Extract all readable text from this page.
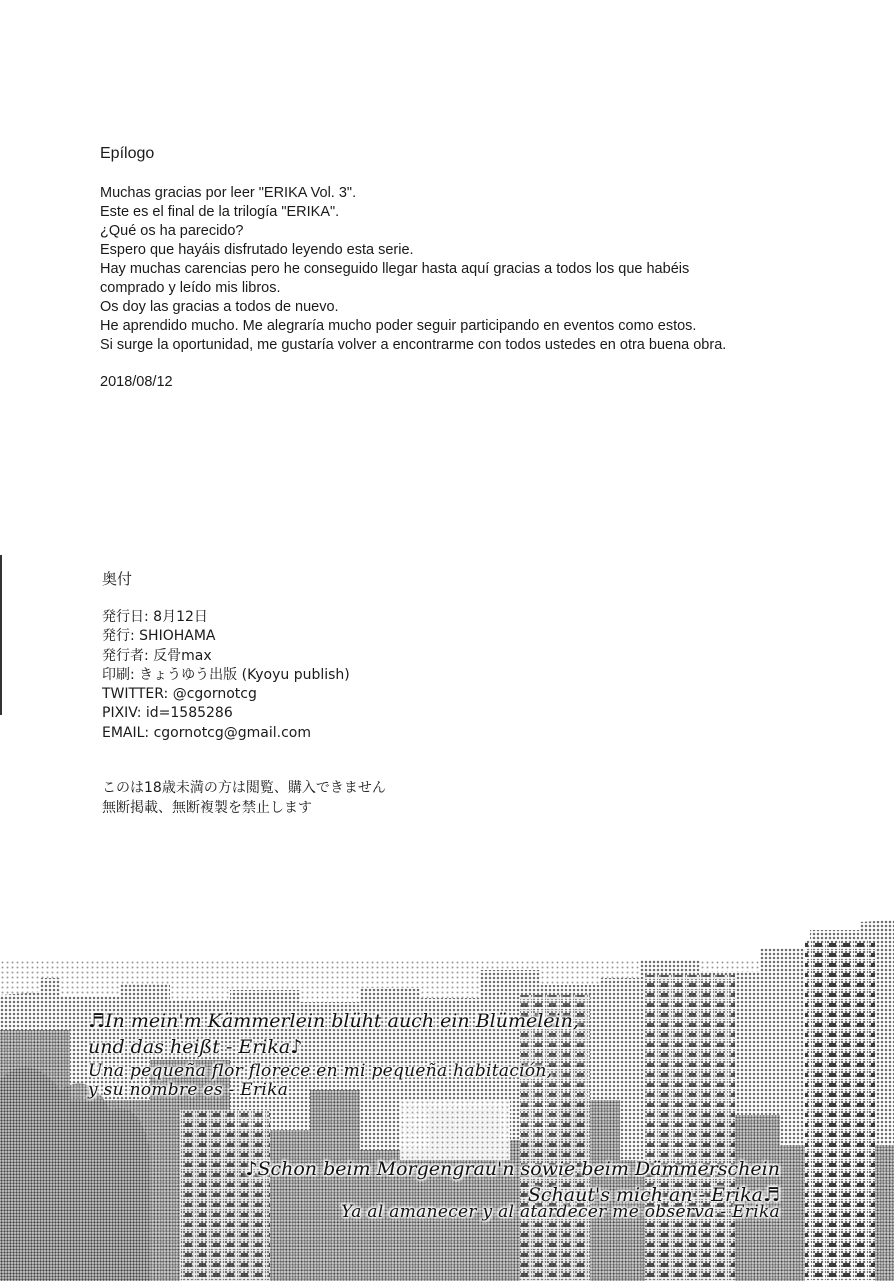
Epílogo
Muchas gracias por leer "ERIKA Vol. 3".
Este es el final de la trilogía "ERIKA".
¿Qué os ha parecido?
Espero que hayáis disfrutado leyendo esta serie.
Hay muchas carencias pero he conseguido llegar hasta aquí gracias a todos los que habéis
comprado y leído mis libros.
Os doy las gracias a todos de nuevo.
He aprendido mucho. Me alegraría mucho poder seguir participando en eventos como estos.
Si surge la oportunidad, me gustaría volver a encontrarme con todos ustedes en otra buena obra.
2018/08/12
奥付
発行日: 8月12日
発行: SHIOHAMA
発行者: 反骨max
印刷: きょうゆう出版 (Kyoyu publish)
TWITTER: @cgornotcg
PIXIV: id=1585286
EMAIL: cgornotcg@gmail.com
このは18歳未満の方は閲覧、購入できません
無断掲載、無断複製を禁止します
♬In mein'm Kämmerlein blüht auch ein Blümelein,
und das heißt - Erika♪
Una pequeña flor florece en mi pequeña habitación,
y su nombre es - Erika
♪Schon beim Morgengrau'n sowie beim Dämmerschein
Schaut's mich an - Erika♬
Ya al amanecer y al atardecer me observa - Erika
